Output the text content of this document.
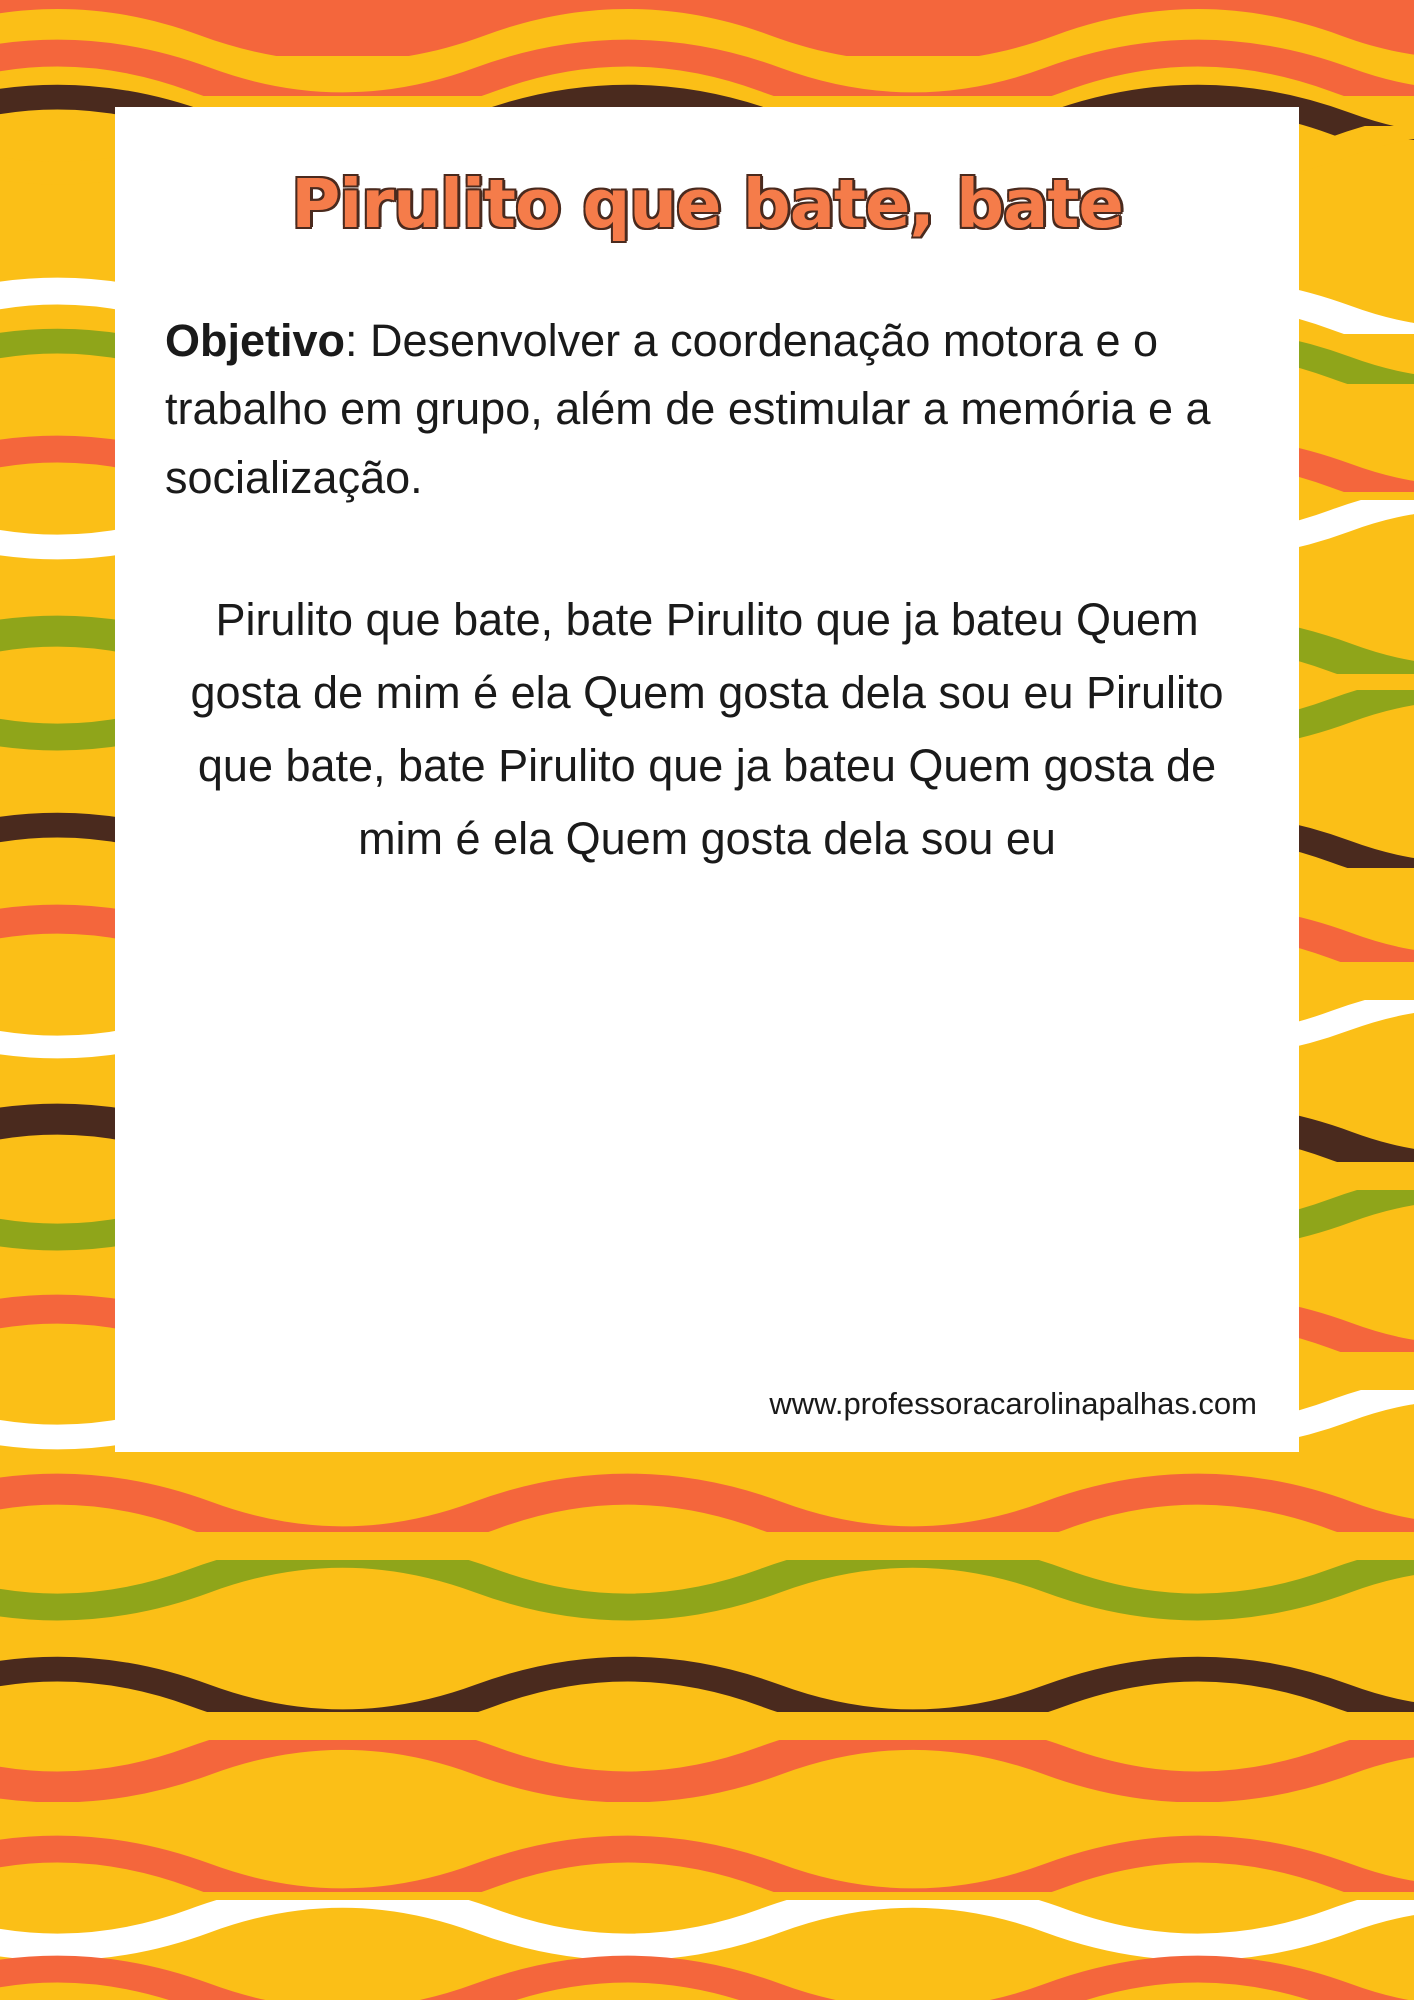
Pirulito que bate, bate

Objetivo: Desenvolver a coordenação motora e o trabalho em grupo, além de estimular a memória e a socialização.

Pirulito que bate, bate Pirulito que ja bateu Quem gosta de mim é ela Quem gosta dela sou eu Pirulito que bate, bate Pirulito que ja bateu Quem gosta de mim é ela Quem gosta dela sou eu

www.professoracarolinapalhas.com
